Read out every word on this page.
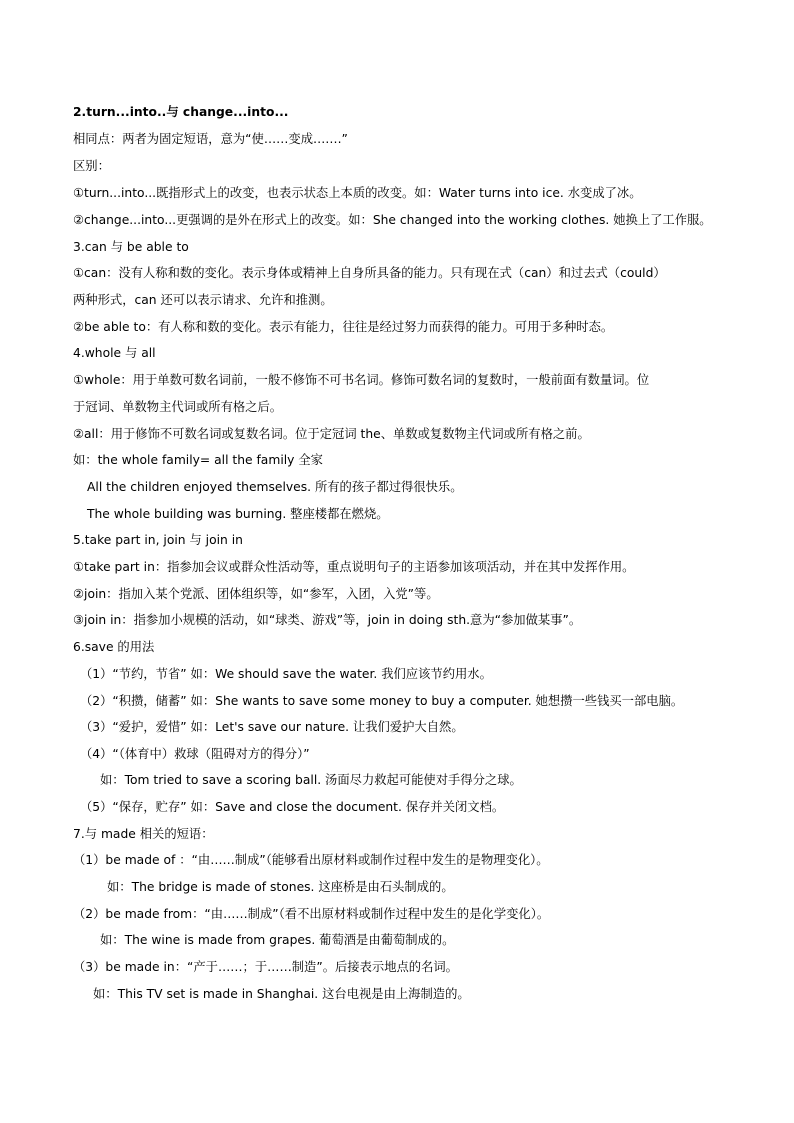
2.turn...into..与 change...into...
相同点：两者为固定短语，意为“使……变成…….”
区别：
①turn...into...既指形式上的改变，也表示状态上本质的改变。如：Water turns into ice. 水变成了冰。
②change...into...更强调的是外在形式上的改变。如：She changed into the working clothes. 她换上了工作服。
3.can 与 be able to
①can：没有人称和数的变化。表示身体或精神上自身所具备的能力。只有现在式（can）和过去式（could）
两种形式，can 还可以表示请求、允许和推测。
②be able to：有人称和数的变化。表示有能力，往往是经过努力而获得的能力。可用于多种时态。
4.whole 与 all
①whole：用于单数可数名词前，一般不修饰不可书名词。修饰可数名词的复数时，一般前面有数量词。位
于冠词、单数物主代词或所有格之后。
②all：用于修饰不可数名词或复数名词。位于定冠词 the、单数或复数物主代词或所有格之前。
如：the whole family= all the family 全家
All the children enjoyed themselves. 所有的孩子都过得很快乐。
The whole building was burning. 整座楼都在燃烧。
5.take part in, join 与 join in
①take part in：指参加会议或群众性活动等，重点说明句子的主语参加该项活动，并在其中发挥作用。
②join：指加入某个党派、团体组织等，如“参军，入团，入党”等。
③join in：指参加小规模的活动，如“球类、游戏”等，join in doing sth.意为“参加做某事”。
6.save 的用法
（1）“节约，节省” 如：We should save the water. 我们应该节约用水。
（2）“积攒，储蓄” 如：She wants to save some money to buy a computer. 她想攒一些钱买一部电脑。
（3）“爱护，爱惜” 如：Let's save our nature. 让我们爱护大自然。
（4）“（体育中）救球（阻碍对方的得分）”
如：Tom tried to save a scoring ball. 汤面尽力救起可能使对手得分之球。
（5）“保存，贮存” 如：Save and close the document. 保存并关闭文档。
7.与 made 相关的短语：
（1）be made of ：“由……制成”（能够看出原材料或制作过程中发生的是物理变化）。
如：The bridge is made of stones. 这座桥是由石头制成的。
（2）be made from：“由……制成”（看不出原材料或制作过程中发生的是化学变化）。
如：The wine is made from grapes. 葡萄酒是由葡萄制成的。
（3）be made in：“产于……；于……制造”。后接表示地点的名词。
如：This TV set is made in Shanghai. 这台电视是由上海制造的。
